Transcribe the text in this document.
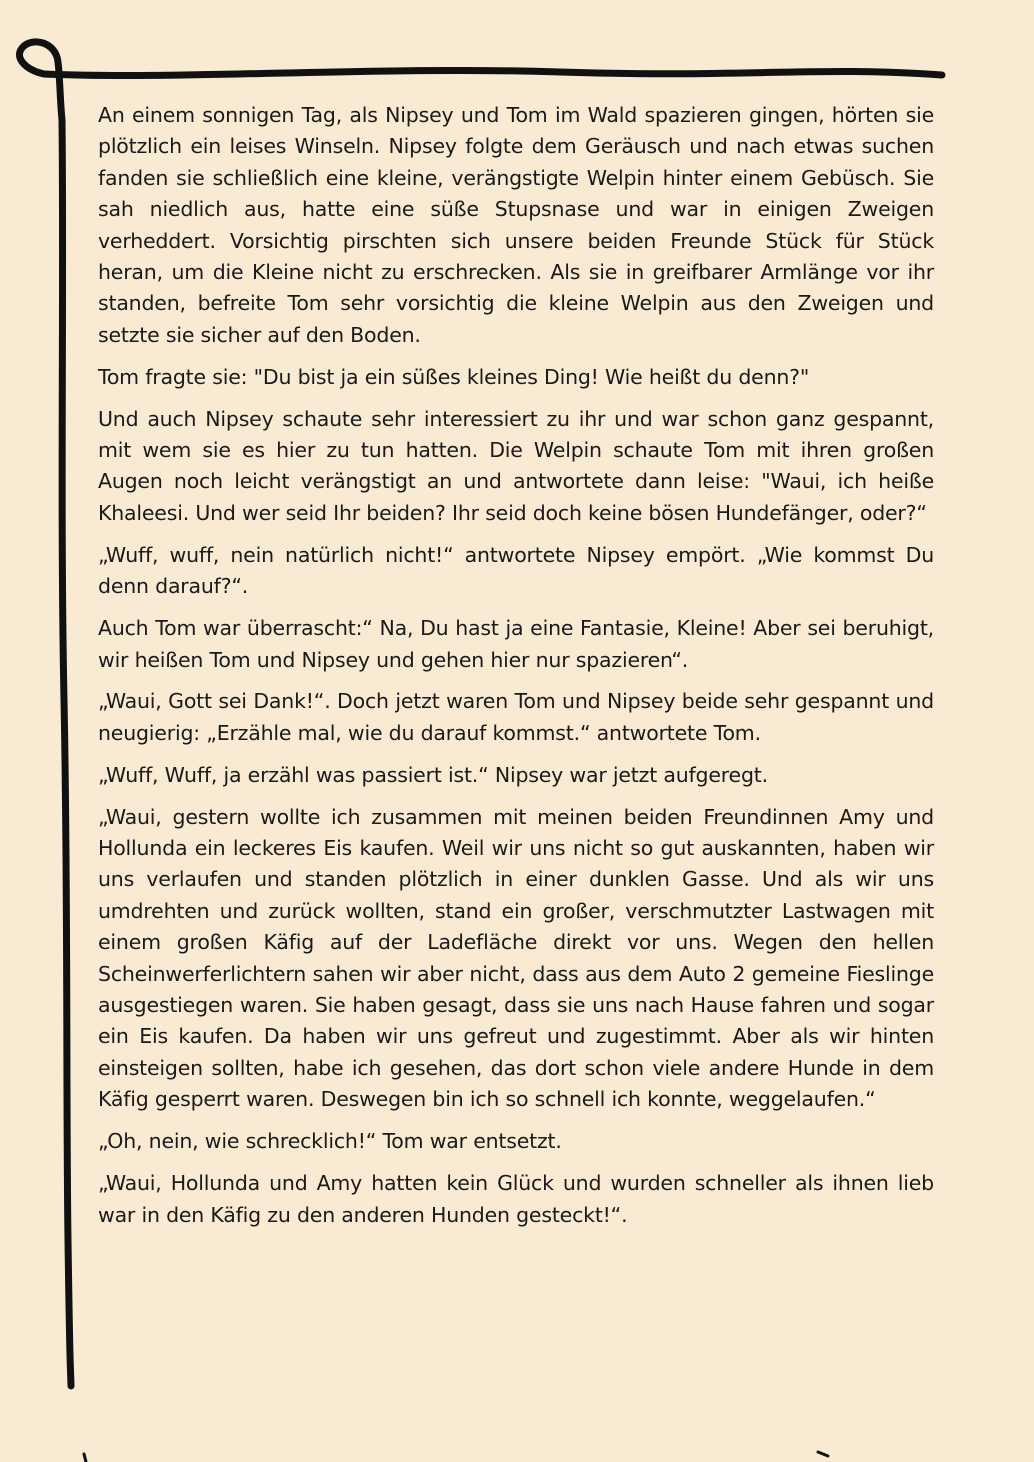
An einem sonnigen Tag, als Nipsey und Tom im Wald spazieren gingen, hörten sie plötzlich ein leises Winseln. Nipsey folgte dem Geräusch und nach etwas suchen fanden sie schließlich eine kleine, verängstigte Welpin hinter einem Gebüsch. Sie sah niedlich aus, hatte eine süße Stupsnase und war in einigen Zweigen verheddert. Vorsichtig pirschten sich unsere beiden Freunde Stück für Stück heran, um die Kleine nicht zu erschrecken. Als sie in greifbarer Armlänge vor ihr standen, befreite Tom sehr vorsichtig die kleine Welpin aus den Zweigen und setzte sie sicher auf den Boden.

Tom fragte sie: "Du bist ja ein süßes kleines Ding! Wie heißt du denn?"

Und auch Nipsey schaute sehr interessiert zu ihr und war schon ganz gespannt, mit wem sie es hier zu tun hatten. Die Welpin schaute Tom mit ihren großen Augen noch leicht verängstigt an und antwortete dann leise: "Waui, ich heiße Khaleesi. Und wer seid Ihr beiden? Ihr seid doch keine bösen Hundefänger, oder?“

„Wuff, wuff, nein natürlich nicht!“ antwortete Nipsey empört. „Wie kommst Du denn darauf?“.

Auch Tom war überrascht:“ Na, Du hast ja eine Fantasie, Kleine! Aber sei beruhigt, wir heißen Tom und Nipsey und gehen hier nur spazieren“.

„Waui, Gott sei Dank!“. Doch jetzt waren Tom und Nipsey beide sehr gespannt und neugierig: „Erzähle mal, wie du darauf kommst.“ antwortete Tom.

„Wuff, Wuff, ja erzähl was passiert ist.“ Nipsey war jetzt aufgeregt.

„Waui, gestern wollte ich zusammen mit meinen beiden Freundinnen Amy und Hollunda ein leckeres Eis kaufen. Weil wir uns nicht so gut auskannten, haben wir uns verlaufen und standen plötzlich in einer dunklen Gasse. Und als wir uns umdrehten und zurück wollten, stand ein großer, verschmutzter Lastwagen mit einem großen Käfig auf der Ladefläche direkt vor uns. Wegen den hellen Scheinwerferlichtern sahen wir aber nicht, dass aus dem Auto 2 gemeine Fieslinge ausgestiegen waren. Sie haben gesagt, dass sie uns nach Hause fahren und sogar ein Eis kaufen. Da haben wir uns gefreut und zugestimmt. Aber als wir hinten einsteigen sollten, habe ich gesehen, das dort schon viele andere Hunde in dem Käfig gesperrt waren. Deswegen bin ich so schnell ich konnte, weggelaufen.“

„Oh, nein, wie schrecklich!“ Tom war entsetzt.

„Waui, Hollunda und Amy hatten kein Glück und wurden schneller als ihnen lieb war in den Käfig zu den anderen Hunden gesteckt!“.
